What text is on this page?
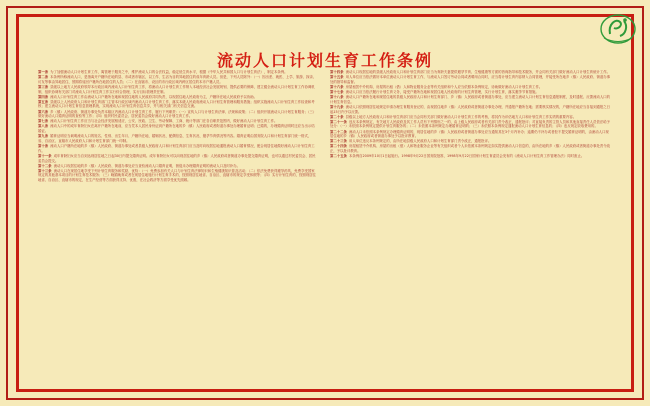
流动人口计划生育工作条例

第一条 为了加强流动人口计划生育工作，寓管理于服务之中，维护流动人口的合法权益，稳定低生育水平，根据《中华人民共和国人口与计划生育法》，制定本条例。

第二条 本条例所称流动人口，是指离开户籍所在地的县、市或者市辖区，以工作、生活为目的异地居住的成年育龄人员。但是，下列人员除外：（一）因出差、就医、上学、旅游、探亲、访友等事由异地居住、预期将返回户籍所在地居住的人员；（二）在直辖市、设区的市行政区域内跨区居住的本市户籍人员。

第三条 县级以上地方人民政府领导本行政区域内流动人口计划生育工作，将流动人口计划生育工作纳入本地经济社会发展规划，提供必要的保障，建立健全流动人口计划生育工作协调机制，组织协调有关部门对流动人口计划生育工作实行综合管理，实行目标管理责任制。

第四条 流动人口计划生育工作由流动人口户籍所在地和现居住地的人民政府共同负责，以现居住地人民政府为主，户籍所在地人民政府予以协助。

第五条 县级以上人民政府人口和计划生育部门主管本行政区域内流动人口计划生育工作，落实本级人民政府流动人口计划生育管理和服务措施；组织实施流动人口计划生育工作检查和考核；建立流动人口计划生育信息管理系统，实现流动人口计划生育信息共享，并与相关部门有关信息交流。

第六条 乡（镇）人民政府、街道办事处负责本辖区内流动人口计划生育工作，履行下列职责：（一）宣传人口与计划生育法律、法规和政策；（二）组织开展流动人口计划生育服务；（三）做好流动人口婚育证明的查验等工作；（四）组织村民委员会、居民委员会做好流动人口计划生育工作。

第七条 流动人口计划生育工作应当与社会经济发展相适应，公安、民政、卫生、劳动保障、工商、统计等部门在各自职责范围内，做好流动人口计划生育工作。

第八条 流动人口中的成年育龄妇女在离开户籍所在地前，应当凭本人居民身份证到户籍所在地的乡（镇）人民政府或者街道办事处办理婚育证明；已婚的，办理婚育证明时还应当出示结婚证。

第九条 婚育证明应当载明流动人口的姓名、性别、出生年月、户籍所在地、婚姻状况、配偶信息、生育状况、避孕节育情况等内容。婚育证明由国务院人口和计划生育部门统一格式，省、自治区、直辖市人民政府人口和计划生育部门统一印制。

第十条 流动人口户籍所在地的乡（镇）人民政府、街道办事处或者县级人民政府人口和计划生育部门应当及时向现居住地通报流动人口婚育情况，配合现居住地做好流动人口计划生育工作。

第十一条 成年育龄妇女应当自到达现居住地之日起30日内提交婚育证明。成年育龄妇女可以向现居住地的乡（镇）人民政府或者街道办事处提交婚育证明，也可以通过村民委员会、居民委员会提交。

第十二条 流动人口现居住地的乡（镇）人民政府、街道办事处应当查验流动人口婚育证明，督促未办理婚育证明的流动人口及时补办。

第十三条 流动人口在现居住地享受下列计划生育服务和奖励、优待：（一）免费参加有关人口与计划生育法律知识和生殖健康知识普及活动；（二）依法免费获得避孕药具，免费享受国家规定的其他基本项目的计划生育技术服务；（三）晚婚晚育或者在现居住地施行计划生育手术的，按照现居住地省、自治区、直辖市的规定享受休假等；（四）实行计划生育的，按照现居住地省、自治区、直辖市的规定，在生产经营等方面获得支持、优惠，在社会救济等方面享受优先照顾。

第十四条 流动人口现居住地的县级人民政府人口和计划生育部门应当为育龄夫妻提供避孕节育、生殖健康等方面的咨询指导和技术服务，并会同有关部门做好流动人口计划生育统计工作。

第十五条 用人单位应当依法做好本单位流动人口计划生育工作，与流动人口签订劳动合同或者聘用合同时，应当将计划生育内容纳入合同管理，并接受所在地乡（镇）人民政府、街道办事处的指导和监督。

第十六条 房屋租赁中介机构、房屋的出租（借）人和物业服务企业等有关组织和个人应当依照本条例规定，协助做好流动人口计划生育工作。

第十七条 流动人口应当依法履行计划生育义务，接受户籍所在地和现居住地人民政府的计划生育管理，实行计划生育，落实避孕节育措施。

第十八条 流动人口户籍所在地和现居住地的县级人民政府人口和计划生育部门、乡（镇）人民政府或者街道办事处，应当建立流动人口计划生育信息通报制度，及时通报、反馈流动人口的计划生育信息。

第十九条 流动人口依照现居住地规定申请办理生育服务登记的，由现居住地乡（镇）人民政府或者街道办事处办理，并通报户籍所在地；需要核实情况的，户籍所在地应当自接到通报之日起15日内予以反馈。

第二十条 县级以上地方人民政府人口和计划生育部门应当会同有关部门做好流动人口计划生育工作的考核，将其作为评估地方人口和计划生育工作实绩的重要内容。

第二十一条 违反本条例规定，有关地方人民政府及其工作人员有下列情形之一的，由上级人民政府或者有关部门责令改正，通报批评；对直接负责的主管人员和其他直接责任人员依法给予处分：（一）未依照本条例规定提供计划生育服务的；（二）未依照本条例规定办理婚育证明的；（三）未依照本条例规定通报流动人口计划生育信息的；（四）违反规定收取费用的。

第二十二条 流动人口未依照本条例规定办理婚育证明的，现居住地的乡（镇）人民政府或者街道办事处应当通知其在3个月内补办；逾期仍不补办或者拒不提交婚育证明的，由流动人口现居住地的乡（镇）人民政府或者街道办事处予以批评教育。

第二十三条 用人单位违反本条例规定的，由所在地县级人民政府人口和计划生育部门责令改正，通报批评。

第二十四条 房屋租赁中介机构、房屋的出租（借）人和物业服务企业等有关组织或者个人未依照本条例规定如实提供流动人口信息的，由所在地的乡（镇）人民政府或者街道办事处责令改正，予以批评教育。

第二十五条 本条例自2009年10月1日起施行。1998年9月22日国务院批准、1998年9月22日国家计划生育委员会发布的《流动人口计划生育工作管理办法》同时废止。
